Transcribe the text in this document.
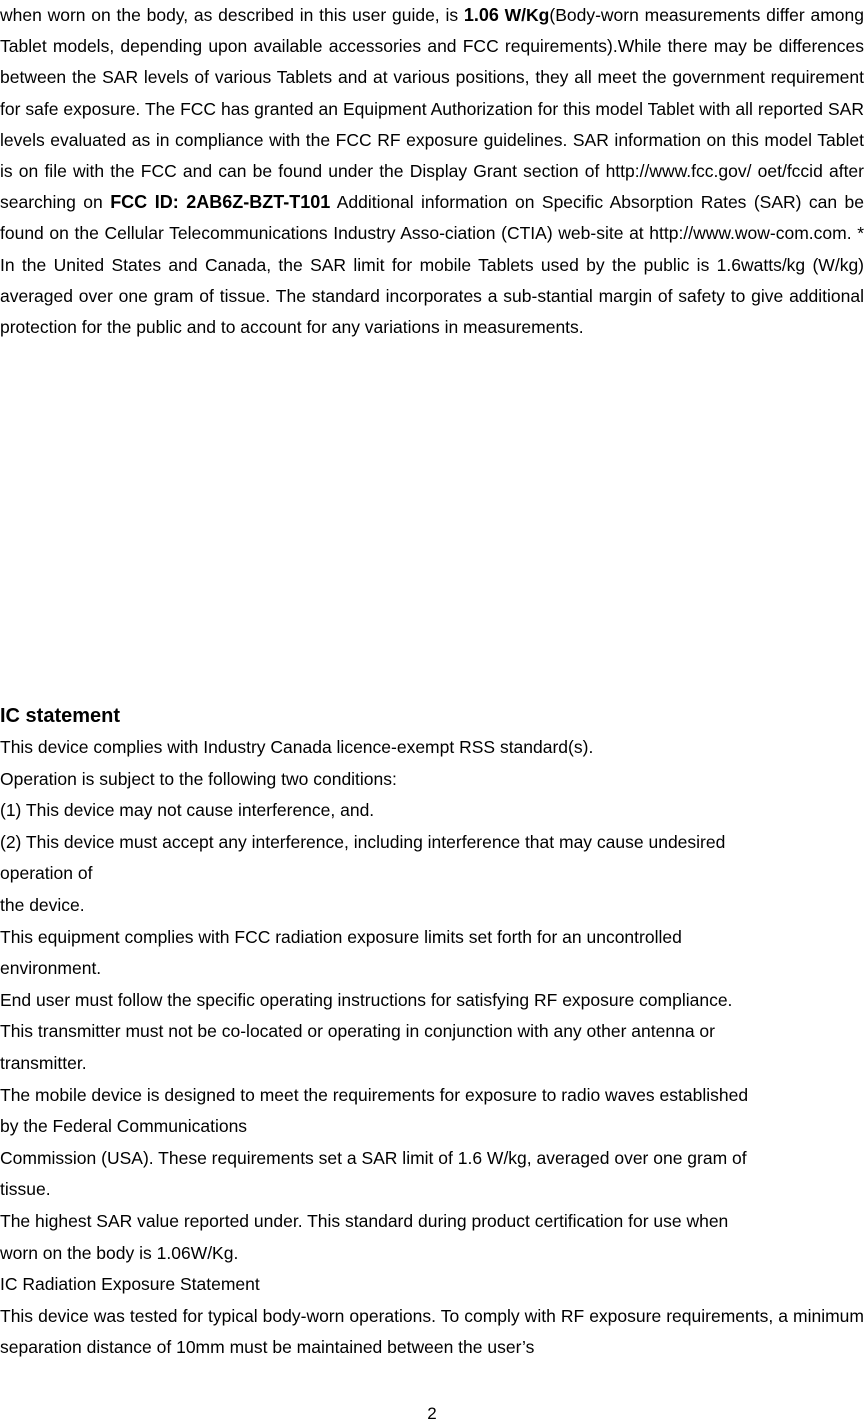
when worn on the body, as described in this user guide, is 1.06 W/Kg(Body-worn measurements differ among Tablet models, depending upon available accessories and FCC requirements).While there may be differences between the SAR levels of various Tablets and at various positions, they all meet the government requirement for safe exposure. The FCC has granted an Equipment Authorization for this model Tablet with all reported SAR levels evaluated as in compliance with the FCC RF exposure guidelines. SAR information on this model Tablet is on file with the FCC and can be found under the Display Grant section of http://www.fcc.gov/ oet/fccid after searching on FCC ID: 2AB6Z-BZT-T101 Additional information on Specific Absorption Rates (SAR) can be found on the Cellular Telecommunications Industry Asso-ciation (CTIA) web-site at http://www.wow-com.com. * In the United States and Canada, the SAR limit for mobile Tablets used by the public is 1.6watts/kg (W/kg) averaged over one gram of tissue. The standard incorporates a sub-stantial margin of safety to give additional protection for the public and to account for any variations in measurements.

IC statement

This device complies with Industry Canada licence-exempt RSS standard(s).

Operation is subject to the following two conditions:

(1) This device may not cause interference, and.

(2) This device must accept any interference, including interference that may cause undesired

operation of

the device.

This equipment complies with FCC radiation exposure limits set forth for an uncontrolled

environment.

End user must follow the specific operating instructions for satisfying RF exposure compliance.

This transmitter must not be co-located or operating in conjunction with any other antenna or

transmitter.

The mobile device is designed to meet the requirements for exposure to radio waves established

by the Federal Communications

Commission (USA). These requirements set a SAR limit of 1.6 W/kg, averaged over one gram of

tissue.

The highest SAR value reported under. This standard during product certification for use when

worn on the body is 1.06W/Kg.

IC Radiation Exposure Statement

This device was tested for typical body-worn operations. To comply with RF exposure requirements, a minimum separation distance of 10mm must be maintained between the user’s

2
